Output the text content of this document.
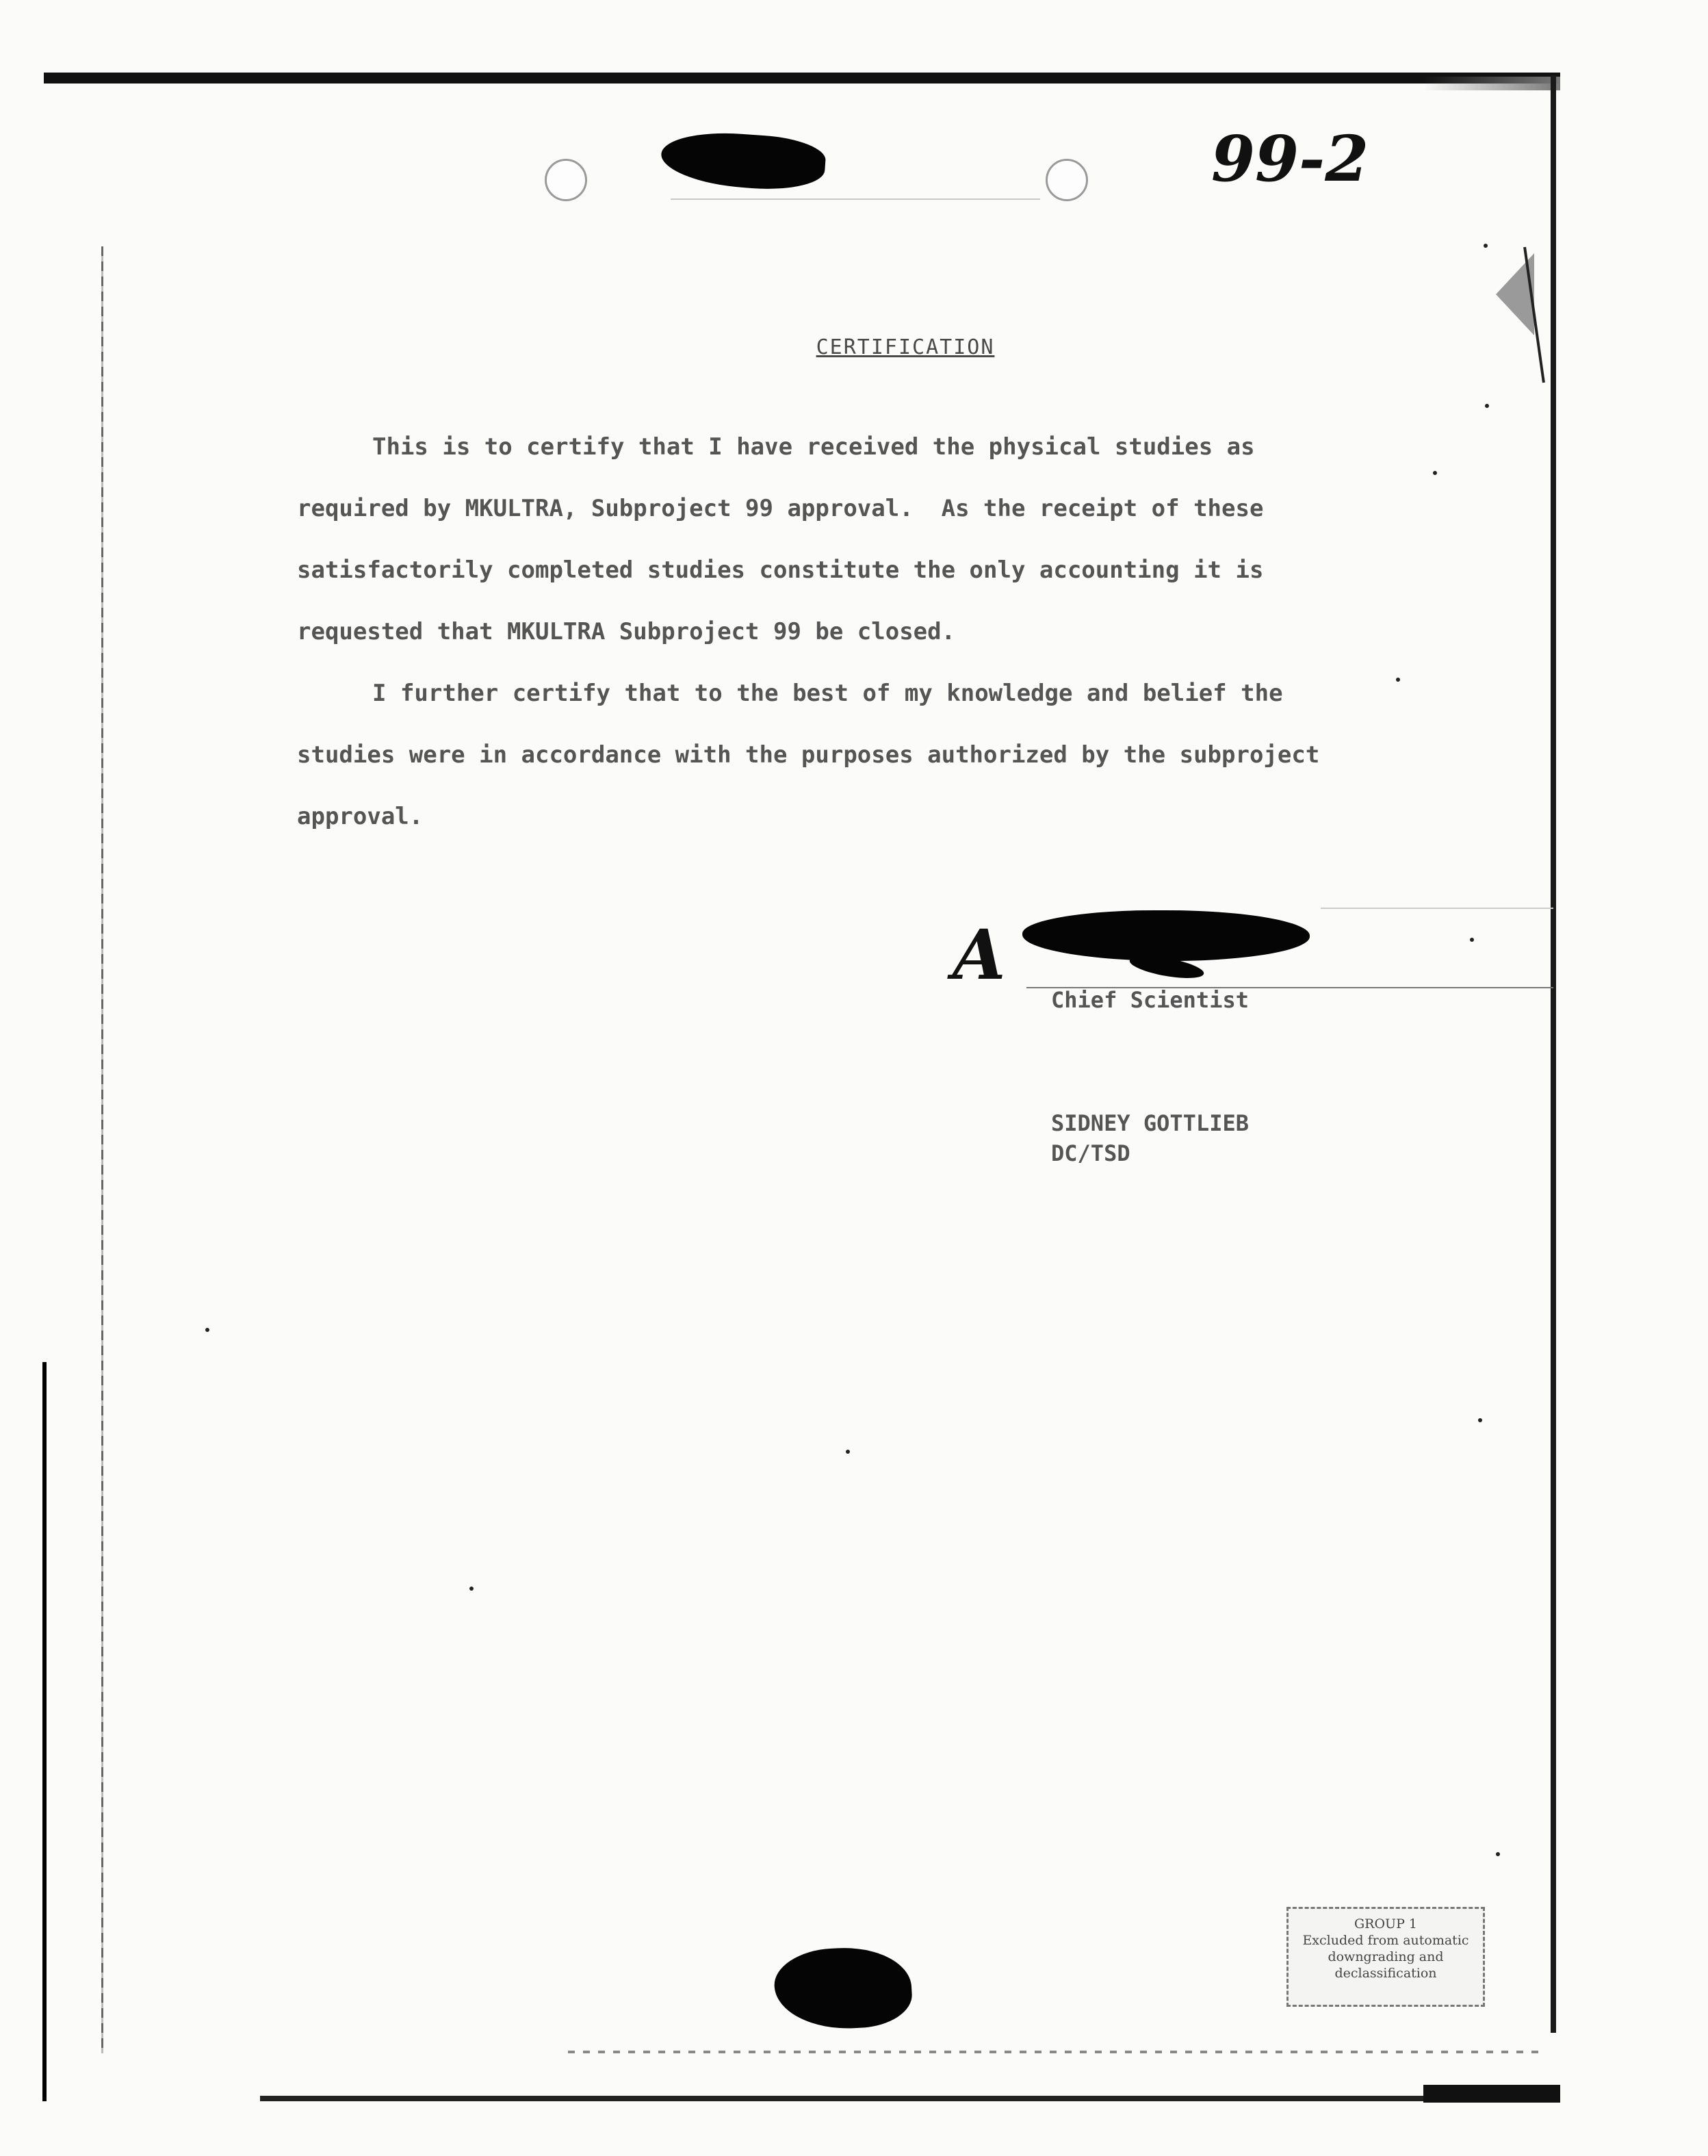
99-2
CERTIFICATION
This is to certify that I have received the physical studies as required by MKULTRA, Subproject 99 approval.  As the receipt of these satisfactorily completed studies constitute the only accounting it is requested that MKULTRA Subproject 99 be closed.
I further certify that to the best of my knowledge and belief the studies were in accordance with the purposes authorized by the subproject approval.
A
Chief Scientist
SIDNEY GOTTLIEB
DC/TSD
GROUP 1
Excluded from automatic
downgrading and
declassification
